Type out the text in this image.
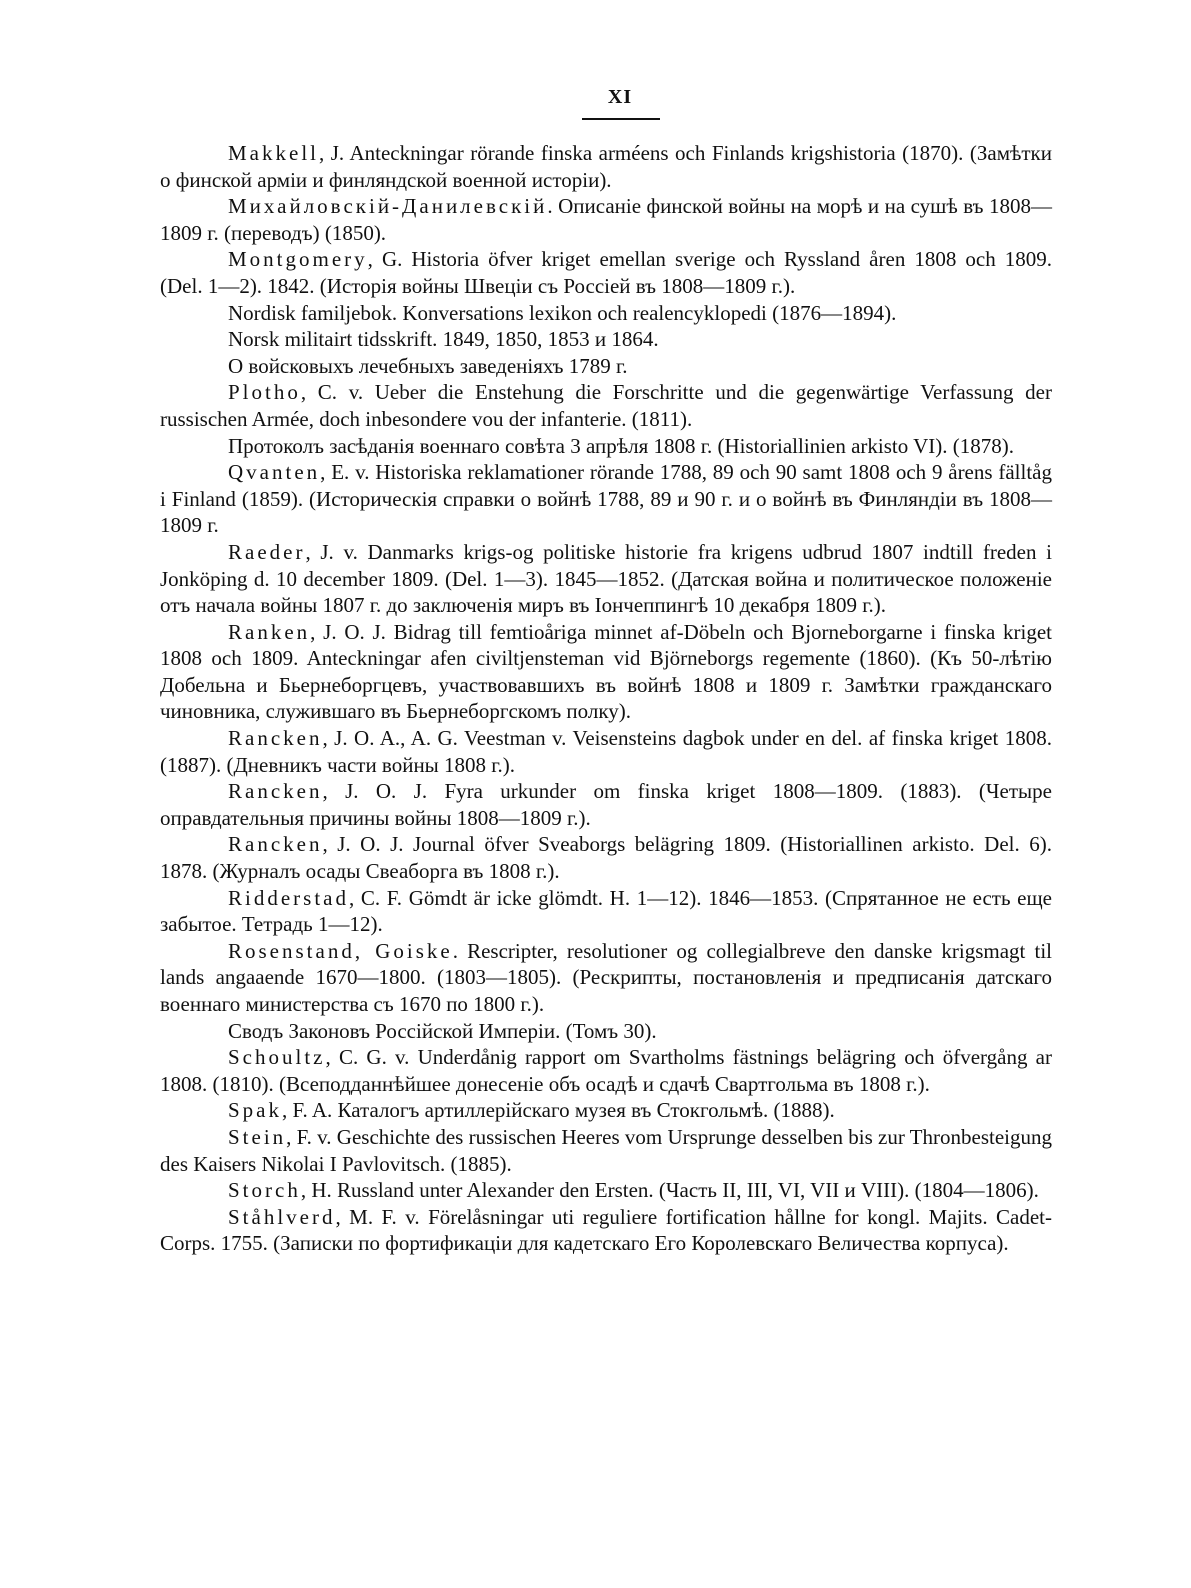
XI

Makkell, J. Anteckningar rörande finska arméens och Finlands krigshistoria (1870). (Замѣтки о финской арміи и финляндской военной исторіи).

Михайловскій-Данилевскій. Описаніе финской войны на морѣ и на сушѣ въ 1808—1809 г. (переводъ) (1850).

Montgomery, G. Historia öfver kriget emellan sverige och Ryssland åren 1808 och 1809. (Del. 1—2). 1842. (Исторія войны Швеціи съ Россіей въ 1808—1809 г.).

Nordisk familjebok. Konversations lexikon och realencyklopedi (1876—1894).

Norsk militairt tidsskrift. 1849, 1850, 1853 и 1864.

О войсковыхъ лечебныхъ заведеніяхъ 1789 г.

Plotho, C. v. Ueber die Enstehung die Forschritte und die gegenwärtige Verfassung der russischen Armée, doch inbesondere vou der infanterie. (1811).

Протоколъ засѣданія военнаго совѣта 3 апрѣля 1808 г. (Historiallinien arkisto VI). (1878).

Qvanten, E. v. Historiska reklamationer rörande 1788, 89 och 90 samt 1808 och 9 årens fälltåg i Finland (1859). (Историческія справки о войнѣ 1788, 89 и 90 г. и о войнѣ въ Финляндіи въ 1808—1809 г.

Raeder, J. v. Danmarks krigs-og politiske historie fra krigens udbrud 1807 indtill freden i Jonköping d. 10 december 1809. (Del. 1—3). 1845—1852. (Датская война и политическое положеніе отъ начала войны 1807 г. до заключенія миръ въ Іончеппингѣ 10 декабря 1809 г.).

Ranken, J. O. J. Bidrag till femtioåriga minnet af-Döbeln och Bjorneborgarne i finska kriget 1808 och 1809. Anteckningar afen civiltjensteman vid Björneborgs regemente (1860). (Къ 50-лѣтію Добельна и Бьернеборгцевъ, участвовавшихъ въ войнѣ 1808 и 1809 г. Замѣтки гражданскаго чиновника, служившаго въ Бьернеборгскомъ полку).

Rancken, J. O. A., A. G. Veestman v. Veisensteins dagbok under en del. af finska kriget 1808. (1887). (Дневникъ части войны 1808 г.).

Rancken, J. O. J. Fyra urkunder om finska kriget 1808—1809. (1883). (Четыре оправдательныя причины войны 1808—1809 г.).

Rancken, J. O. J. Journal öfver Sveaborgs belägring 1809. (Historiallinen arkisto. Del. 6). 1878. (Журналъ осады Свеаборга въ 1808 г.).

Ridderstad, C. F. Gömdt är icke glömdt. H. 1—12). 1846—1853. (Спрятанное не есть еще забытое. Тетрадь 1—12).

Rosenstand, Goiske. Rescripter, resolutioner og collegialbreve den danske krigsmagt til lands angaaende 1670—1800. (1803—1805). (Рескрипты, постановленія и предписанія датскаго военнаго министерства съ 1670 по 1800 г.).

Сводъ Законовъ Россійской Имперіи. (Томъ 30).

Schoultz, C. G. v. Underdånig rapport om Svartholms fästnings belägring och öfvergång ar 1808. (1810). (Всеподданнѣйшее донесеніе объ осадѣ и сдачѣ Свартгольма въ 1808 г.).

Spak, F. A. Каталогъ артиллерійскаго музея въ Стокгольмѣ. (1888).

Stein, F. v. Geschichte des russischen Heeres vom Ursprunge desselben bis zur Thronbesteigung des Kaisers Nikolai I Pavlovitsch. (1885).

Storch, H. Russland unter Alexander den Ersten. (Часть II, III, VI, VII и VIII). (1804—1806).

Ståhlverd, M. F. v. Förelåsningar uti reguliere fortification hållne for kongl. Majits. Cadet-Corps. 1755. (Записки по фортификаціи для кадетскаго Его Королевскаго Величества корпуса).
